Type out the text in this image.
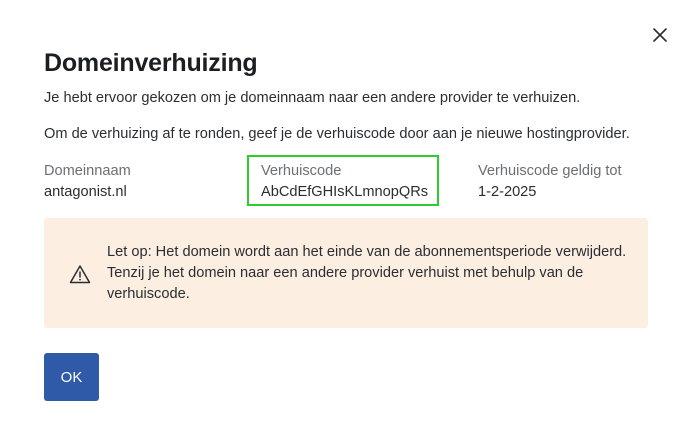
Domeinverhuizing

Je hebt ervoor gekozen om je domeinnaam naar een andere provider te verhuizen.

Om de verhuizing af te ronden, geef je de verhuiscode door aan je nieuwe hostingprovider.

Domeinnaam
antagonist.nl
Verhuiscode
AbCdEfGHIsKLmnopQRs
Verhuiscode geldig tot
1-2-2025

Let op: Het domein wordt aan het einde van de abonnementsperiode verwijderd. Tenzij je het domein naar een andere provider verhuist met behulp van de verhuiscode.

OK
